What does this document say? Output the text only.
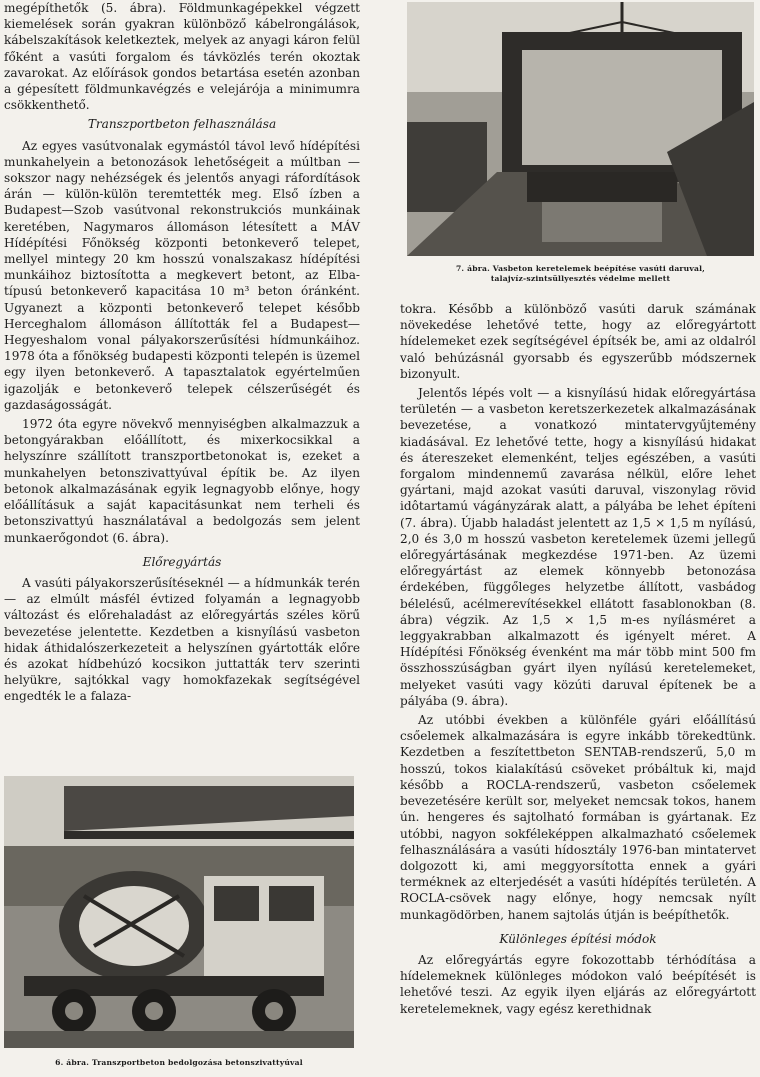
megépíthetők (5. ábra). Földmunkagépekkel végzett kiemelések során gyakran különböző kábelrongálások, kábelszakítások keletkeztek, melyek az anyagi káron felül főként a vasúti forgalom és távközlés terén okoztak zavarokat. Az előírások gondos betartása esetén azonban a gépesített földmunkavégzés e velejárója a minimumra csökkenthető.

Transzportbeton felhasználása

Az egyes vasútvonalak egymástól távol levő hídépítési munkahelyein a betonozások lehetőségeit a múltban — sokszor nagy nehézségek és jelentős anyagi ráfordítások árán — külön-külön teremtették meg. Első ízben a Budapest—Szob vasútvonal rekonstrukciós munkáinak keretében, Nagymaros állomáson létesített a MÁV Hídépítési Főnökség központi betonkeverő telepet, mellyel mintegy 20 km hosszú vonalszakasz hídépítési munkáihoz biztosította a megkevert betont, az Elba-típusú betonkeverő kapacitása 10 m³ beton óránként. Ugyanezt a központi betonkeverő telepet később Herceghalom állomáson állították fel a Budapest—Hegyeshalom vonal pályakorszerűsítési hídmunkáihoz. 1978 óta a főnökség budapesti központi telepén is üzemel egy ilyen betonkeverő. A tapasztalatok egyértelműen igazolják e betonkeverő telepek célszerűségét és gazdaságosságát.

1972 óta egyre növekvő mennyiségben alkalmazzuk a betongyárakban előállított, és mixerkocsikkal a helyszínre szállított transzportbetonokat is, ezeket a munkahelyen betonszivattyúval építik be. Az ilyen betonok alkalmazásának egyik legnagyobb előnye, hogy előállításuk a saját kapacitásunkat nem terheli és betonszivattyú használatával a bedolgozás sem jelent munkaerőgondot (6. ábra).

Előregyártás

A vasúti pályakorszerűsítéseknél — a hídmunkák terén — az elmúlt másfél évtized folyamán a legnagyobb változást és előrehaladást az előregyártás széles körű bevezetése jelentette. Kezdetben a kisnyílású vasbeton hidak áthidalószerkezeteit a helyszínen gyártották előre és azokat hídbehúzó kocsikon juttatták terv szerinti helyükre, sajtókkal vagy homokfazekak segítségével engedték le a falaza-

6. ábra. Transzportbeton bedolgozása betonszivattyúval
7. ábra. Vasbeton keretelemek beépítése vasúti daruval,
talajvíz-szintsüllyesztés védelme mellett

tokra. Később a különböző vasúti daruk számának növekedése lehetővé tette, hogy az előregyártott hídelemeket ezek segítségével építsék be, ami az oldalról való behúzásnál gyorsabb és egyszerűbb módszernek bizonyult.

Jelentős lépés volt — a kisnyílású hidak előregyártása területén — a vasbeton keretszerkezetek alkalmazásának bevezetése, a vonatkozó mintatervgyűjtemény kiadásával. Ez lehetővé tette, hogy a kisnyílású hidakat és átereszeket elemenként, teljes egészében, a vasúti forgalom mindennemű zavarása nélkül, előre lehet gyártani, majd azokat vasúti daruval, viszonylag rövid idôtartamú vágányzárak alatt, a pályába be lehet építeni (7. ábra). Újabb haladást jelentett az 1,5 × 1,5 m nyílású, 2,0 és 3,0 m hosszú vasbeton keretelemek üzemi jellegű előregyártásának megkezdése 1971-ben. Az üzemi előregyártást az elemek könnyebb betonozása érdekében, függőleges helyzetbe állított, vasbádog bélelésű, acélmerevítésekkel ellátott fasablonokban (8. ábra) végzik. Az 1,5 × 1,5 m-es nyílásméret a leggyakrabban alkalmazott és igényelt méret. A Hídépítési Főnökség évenként ma már több mint 500 fm összhosszúságban gyárt ilyen nyílású keretelemeket, melyeket vasúti vagy közúti daruval építenek be a pályába (9. ábra).

Az utóbbi években a különféle gyári előállítású csőelemek alkalmazására is egyre inkább törekedtünk. Kezdetben a feszítettbeton SENTAB-rendszerű, 5,0 m hosszú, tokos kialakítású csöveket próbáltuk ki, majd később a ROCLA-rendszerű, vasbeton csőelemek bevezetésére került sor, melyeket nemcsak tokos, hanem ún. hengeres és sajtolható formában is gyártanak. Ez utóbbi, nagyon sokféleképpen alkalmazható csőelemek felhasználására a vasúti hídosztály 1976-ban mintatervet dolgozott ki, ami meggyorsította ennek a gyári terméknek az elterjedését a vasúti hídépítés területén. A ROCLA-csövek nagy előnye, hogy nemcsak nyílt munkagödörben, hanem sajtolás útján is beépíthetők.

Különleges építési módok

Az előregyártás egyre fokozottabb térhódítása a hídelemeknek különleges módokon való beépítését is lehetővé teszi. Az egyik ilyen eljárás az előregyártott keretelemeknek, vagy egész kerethidnak
